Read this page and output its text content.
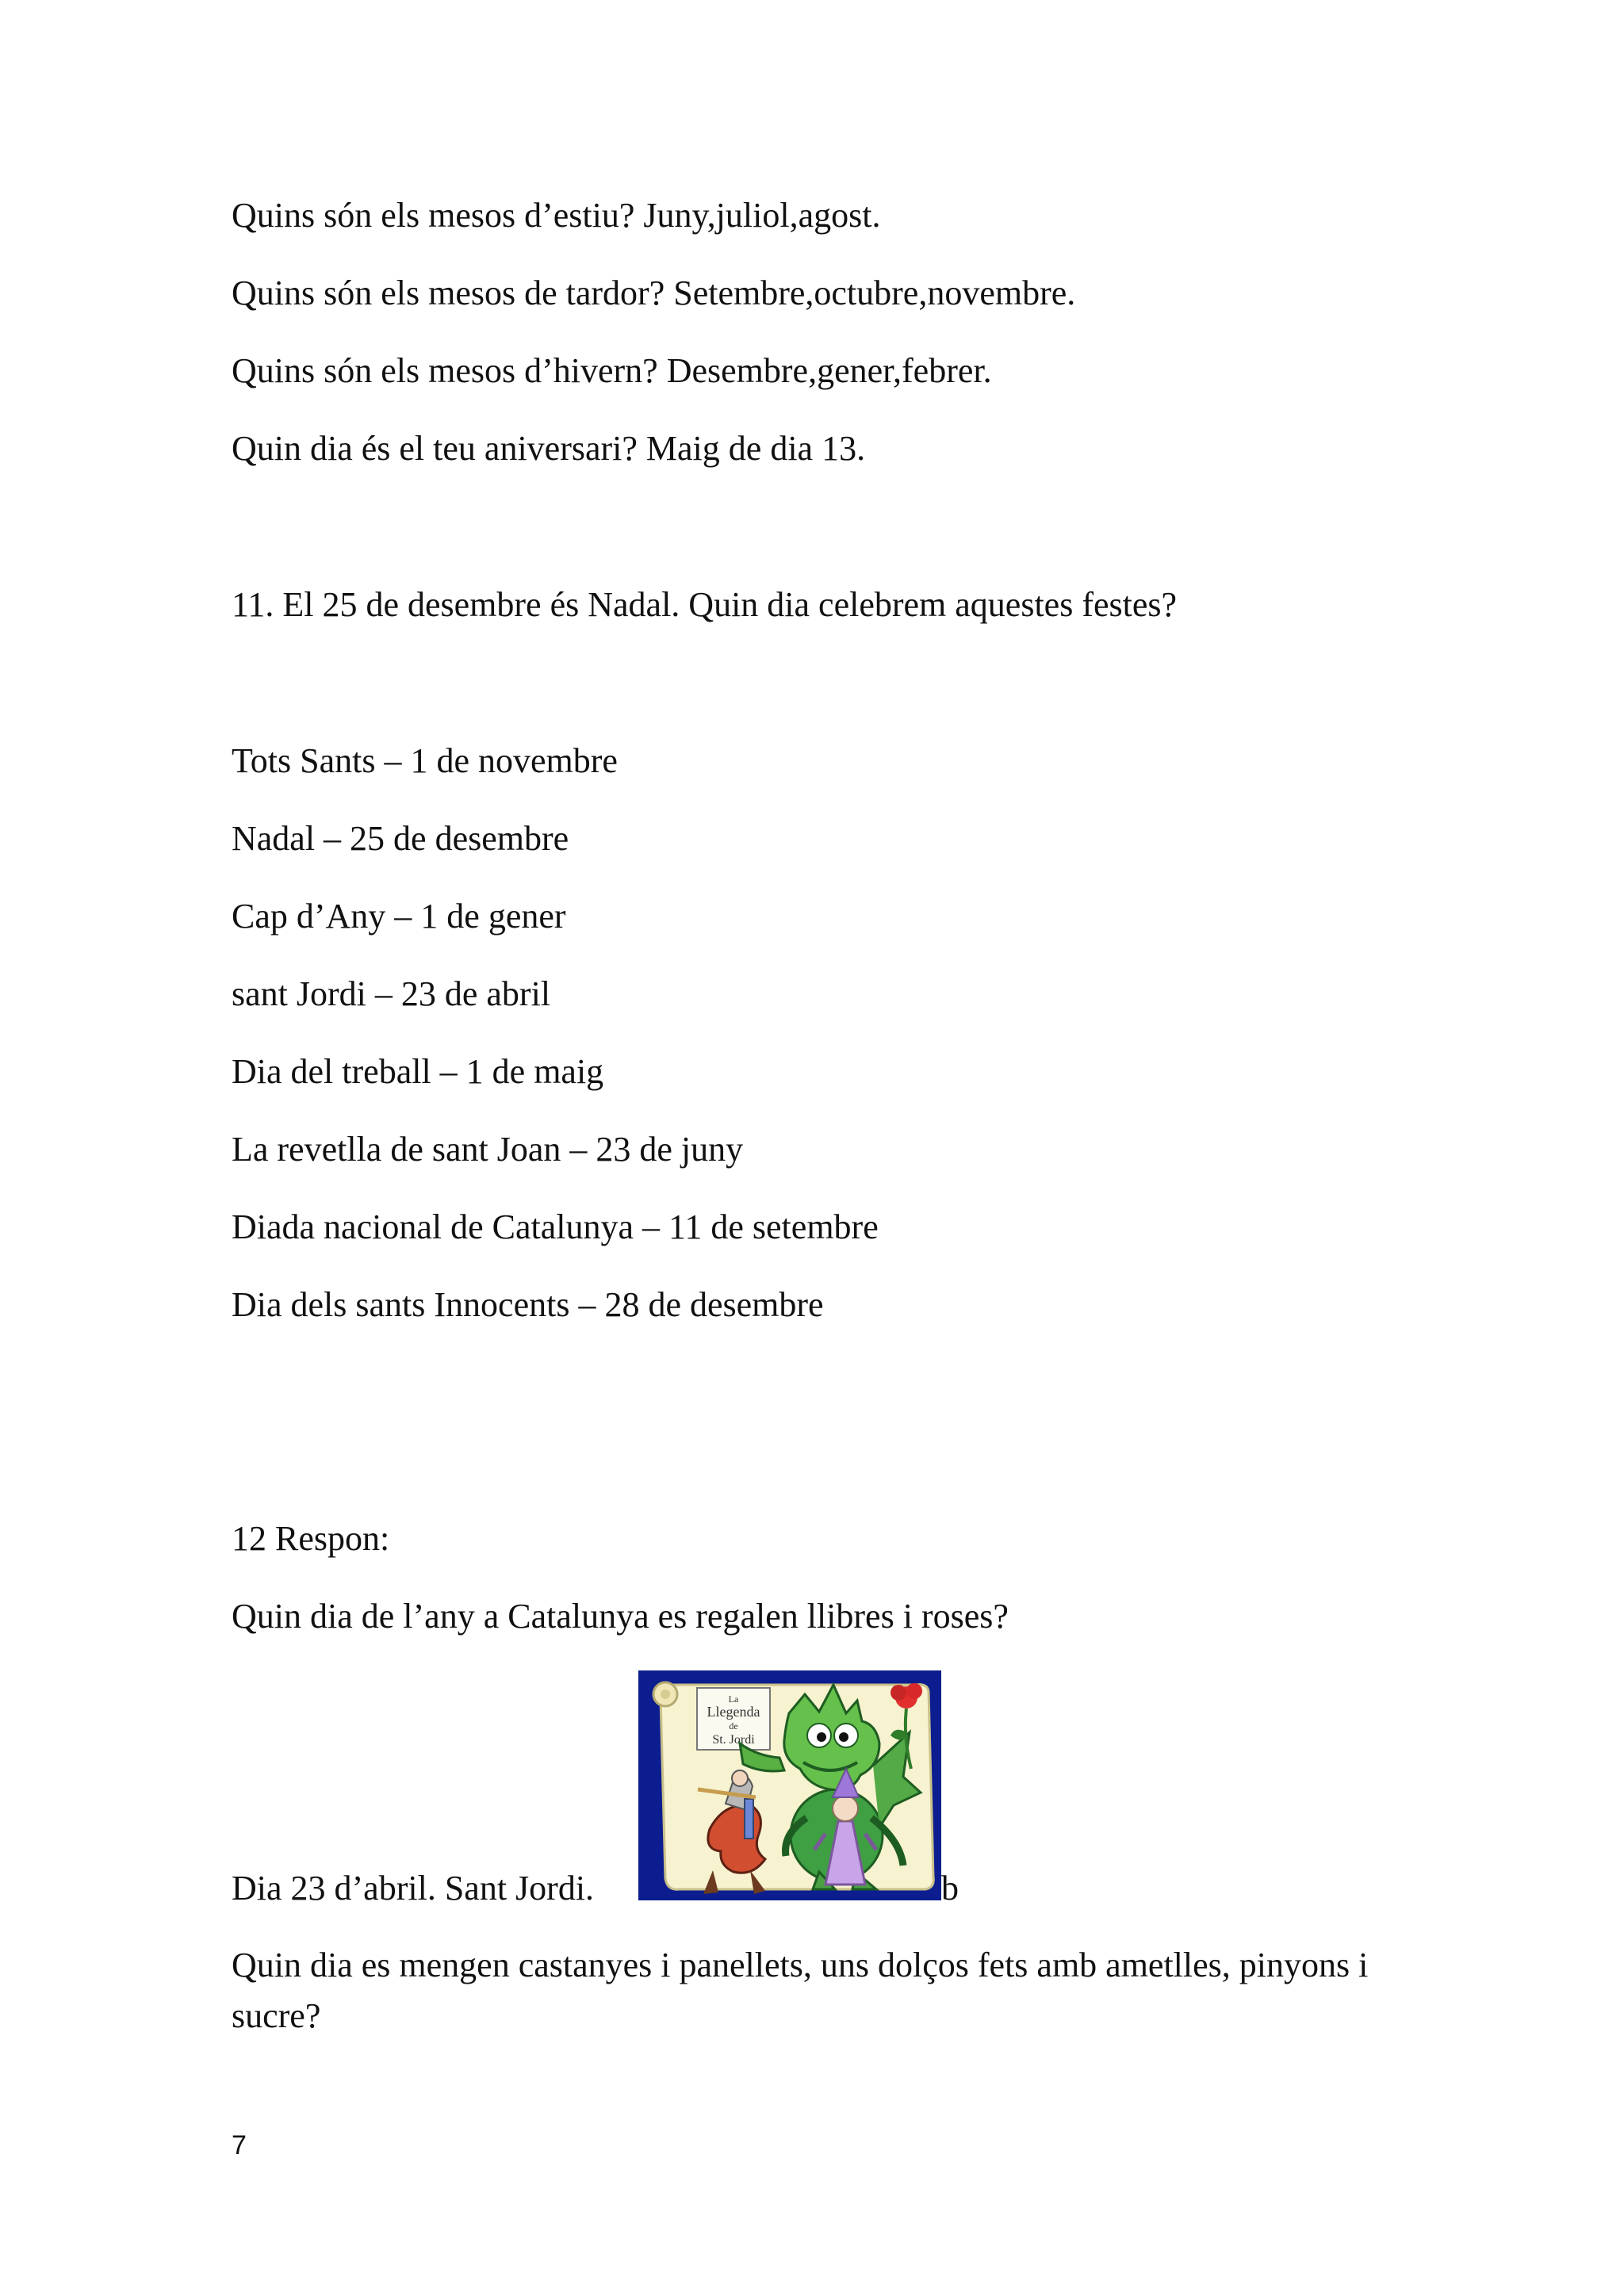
Quins són els mesos d’estiu? Juny,juliol,agost.
Quins són els mesos de tardor? Setembre,octubre,novembre.
Quins són els mesos d’hivern? Desembre,gener,febrer.
Quin dia és el teu aniversari? Maig de dia 13.
11. El 25 de desembre és Nadal. Quin dia celebrem aquestes festes?
Tots Sants – 1 de novembre
Nadal – 25 de desembre
Cap d’Any – 1 de gener
sant Jordi – 23 de abril
Dia del treball – 1 de maig
La revetlla de sant Joan – 23 de juny
Diada nacional de Catalunya – 11 de setembre
Dia dels sants Innocents – 28 de desembre
12 Respon:
Quin dia de l’any a Catalunya es regalen llibres i roses?
Dia 23 d’abril. Sant Jordi.
La
Llegenda
de
St. Jordi
b
Quin dia es mengen castanyes i panellets, uns dolços fets amb ametlles, pinyons i sucre?
7
